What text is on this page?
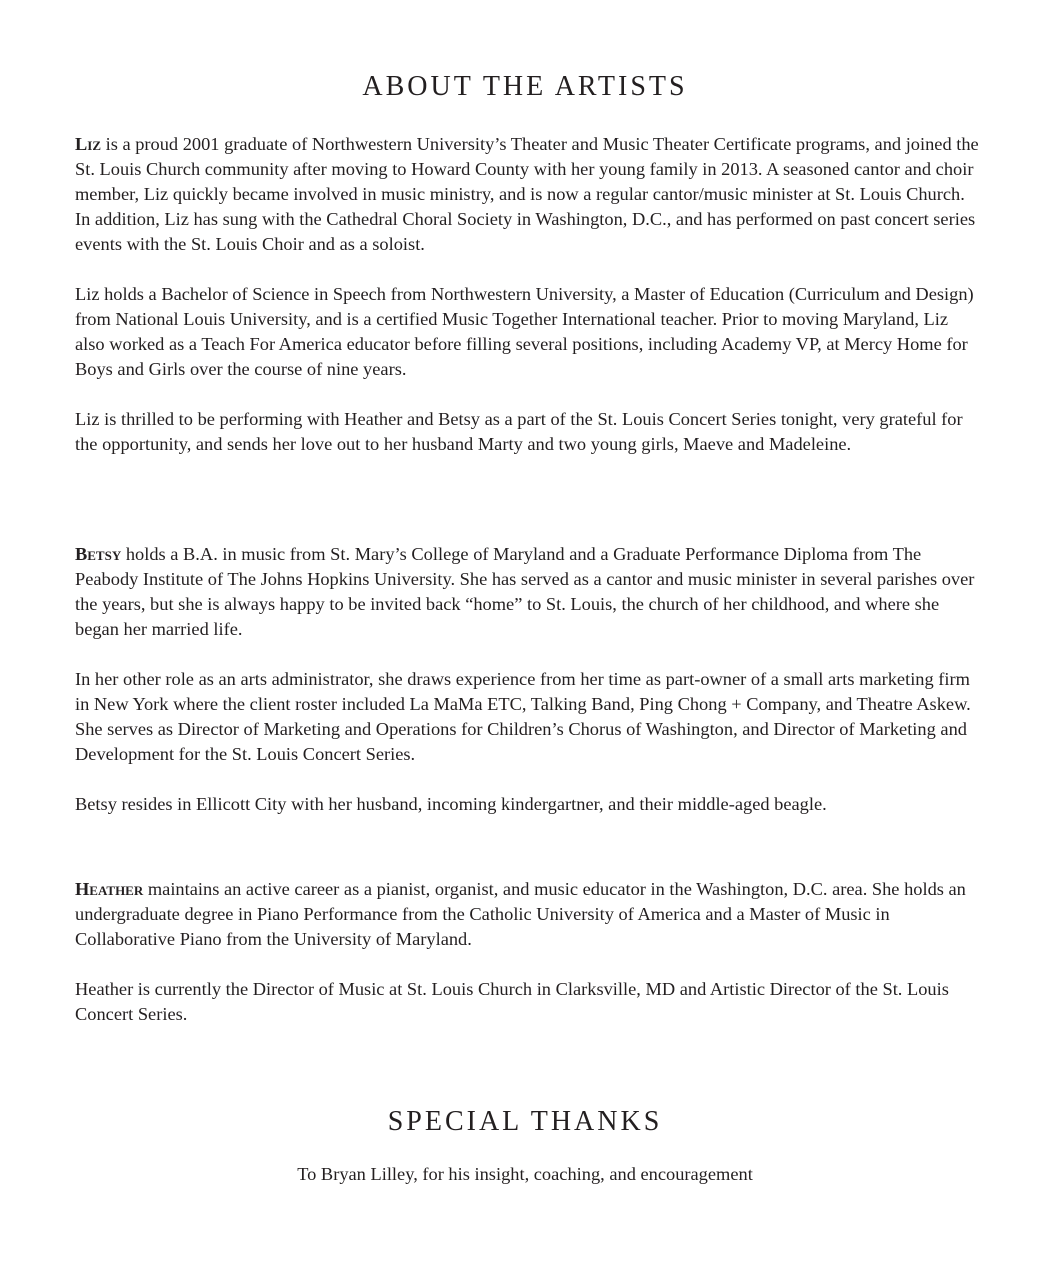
ABOUT THE ARTISTS

Liz is a proud 2001 graduate of Northwestern University’s Theater and Music Theater Certificate programs, and joined the St. Louis Church community after moving to Howard County with her young family in 2013. A seasoned cantor and choir member, Liz quickly became involved in music ministry, and is now a regular cantor/music minister at St. Louis Church. In addition, Liz has sung with the Cathedral Choral Society in Washington, D.C., and has performed on past concert series events with the St. Louis Choir and as a soloist.

Liz holds a Bachelor of Science in Speech from Northwestern University, a Master of Education (Curriculum and Design) from National Louis University, and is a certified Music Together International teacher. Prior to moving Maryland, Liz also worked as a Teach For America educator before filling several positions, including Academy VP, at Mercy Home for Boys and Girls over the course of nine years.

Liz is thrilled to be performing with Heather and Betsy as a part of the St. Louis Concert Series tonight, very grateful for the opportunity, and sends her love out to her husband Marty and two young girls, Maeve and Madeleine.

Betsy holds a B.A. in music from St. Mary’s College of Maryland and a Graduate Performance Diploma from The Peabody Institute of The Johns Hopkins University. She has served as a cantor and music minister in several parishes over the years, but she is always happy to be invited back “home” to St. Louis, the church of her childhood, and where she began her married life.

In her other role as an arts administrator, she draws experience from her time as part-owner of a small arts marketing firm in New York where the client roster included La MaMa ETC, Talking Band, Ping Chong + Company, and Theatre Askew. She serves as Director of Marketing and Operations for Children’s Chorus of Washington, and Director of Marketing and Development for the St. Louis Concert Series.

Betsy resides in Ellicott City with her husband, incoming kindergartner, and their middle-aged beagle.

Heather maintains an active career as a pianist, organist, and music educator in the Washington, D.C. area. She holds an undergraduate degree in Piano Performance from the Catholic University of America and a Master of Music in Collaborative Piano from the University of Maryland.

Heather is currently the Director of Music at St. Louis Church in Clarksville, MD and Artistic Director of the St. Louis Concert Series.

SPECIAL THANKS

To Bryan Lilley, for his insight, coaching, and encouragement
